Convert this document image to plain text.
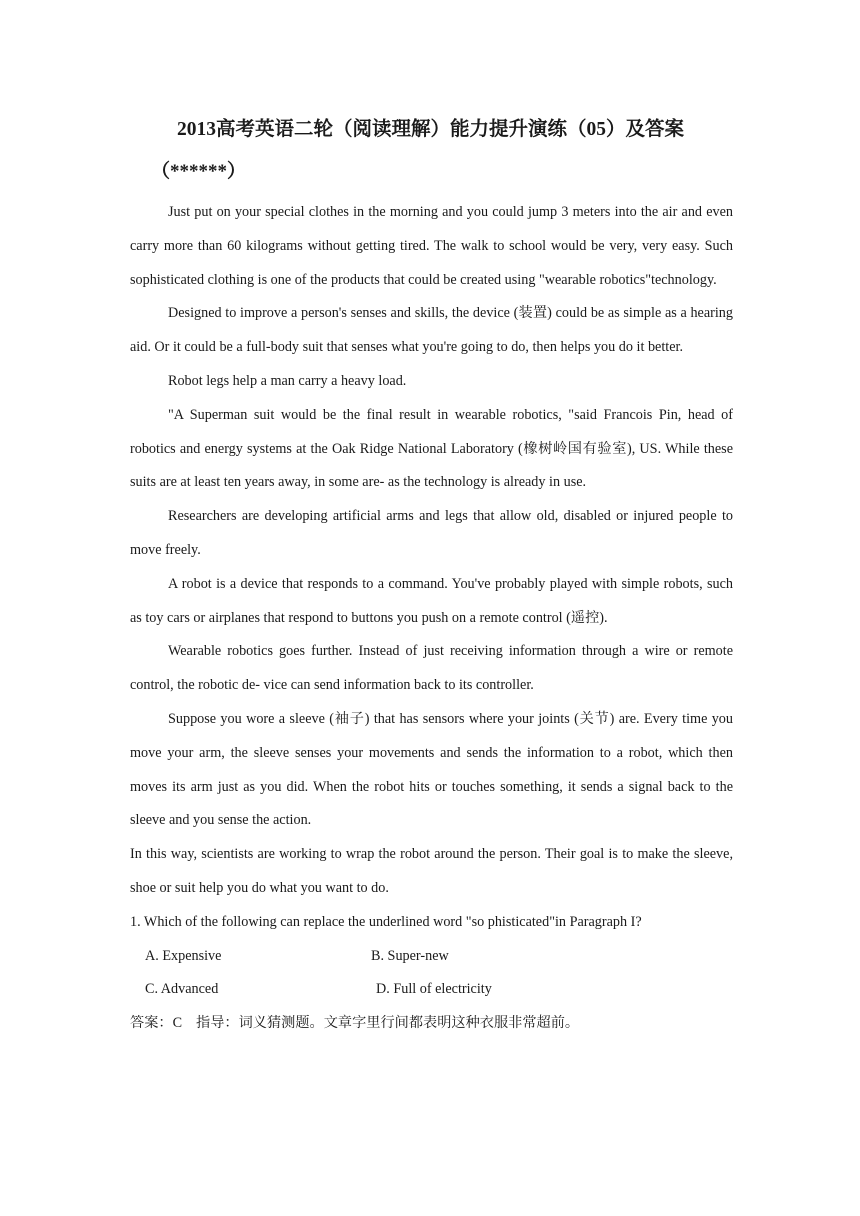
2013高考英语二轮（阅读理解）能力提升演练（05）及答案
（******）

Just put on your special clothes in the morning and you could jump 3 meters into the air and even carry more than 60 kilograms without getting tired. The walk to school would be very, very easy. Such sophisticated clothing is one of the products that could be created using "wearable robotics"technology.

Designed to improve a person's senses and skills, the device (装置) could be as simple as a hearing aid. Or it could be a full-body suit that senses what you're going to do, then helps you do it better.

Robot legs help a man carry a heavy load.

"A Superman suit would be the final result in wearable robotics, "said Francois Pin, head of robotics and energy systems at the Oak Ridge National Laboratory (橡树岭国有验室), US. While these suits are at least ten years away, in some are- as the technology is already in use.

Researchers are developing artificial arms and legs that allow old, disabled or injured people to move freely.

A robot is a device that responds to a command. You've probably played with simple robots, such as toy cars or airplanes that respond to buttons you push on a remote control (遥控).

Wearable robotics goes further. Instead of just receiving information through a wire or remote control, the robotic de- vice can send information back to its controller.

Suppose you wore a sleeve (袖子) that has sensors where your joints (关节) are. Every time you move your arm, the sleeve senses your movements and sends the information to a robot, which then moves its arm just as you did. When the robot hits or touches something, it sends a signal back to the sleeve and you sense the action.

In this way, scientists are working to wrap the robot around the person. Their goal is to make the sleeve, shoe or suit help you do what you want to do.

1. Which of the following can replace the underlined word "so phisticated"in Paragraph I?

A. Expensive	B. Super-new
C. Advanced	D. Full of electricity

答案：C 指导：词义猜测题。文章字里行间都表明这种衣服非常超前。
